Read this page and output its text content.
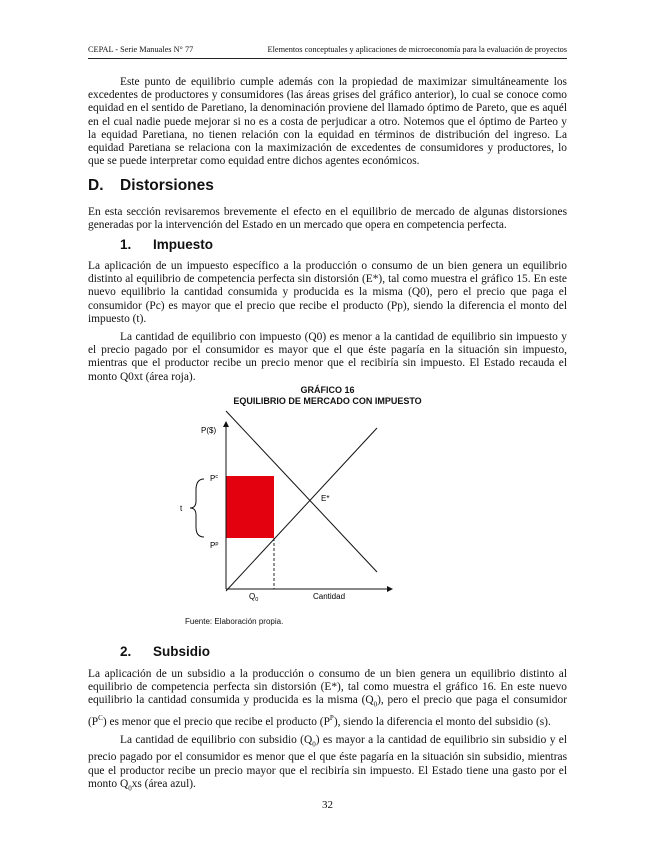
CEPAL - Serie Manuales N° 77	Elementos conceptuales y aplicaciones de microeconomía para la evaluación de proyectos

Este punto de equilibrio cumple además con la propiedad de maximizar simultáneamente los excedentes de productores y consumidores (las áreas grises del gráfico anterior), lo cual se conoce como equidad en el sentido de Paretiano, la denominación proviene del llamado óptimo de Pareto, que es aquél en el cual nadie puede mejorar si no es a costa de perjudicar a otro. Notemos que el óptimo de Parteo y la equidad Paretiana, no tienen relación con la equidad en términos de distribución del ingreso. La equidad Paretiana se relaciona con la maximización de excedentes de consumidores y productores, lo que se puede interpretar como equidad entre dichos agentes económicos.

D. Distorsiones

En esta sección revisaremos brevemente el efecto en el equilibrio de mercado de algunas distorsiones generadas por la intervención del Estado en un mercado que opera en competencia perfecta.

1. Impuesto

La aplicación de un impuesto específico a la producción o consumo de un bien genera un equilibrio distinto al equilibrio de competencia perfecta sin distorsión (E*), tal como muestra el gráfico 15. En este nuevo equilibrio la cantidad consumida y producida es la misma (Q0), pero el precio que paga el consumidor (Pc) es mayor que el precio que recibe el producto (Pp), siendo la diferencia el monto del impuesto (t).

La cantidad de equilibrio con impuesto (Q0) es menor a la cantidad de equilibrio sin impuesto y el precio pagado por el consumidor es mayor que el que éste pagaría en la situación sin impuesto, mientras que el productor recibe un precio menor que el recibiría sin impuesto. El Estado recauda el monto Q0xt (área roja).

GRÁFICO 16
EQUILIBRIO DE MERCADO CON IMPUESTO
P($)
Cantidad
$P^c$
$P^p$
t
E*
$Q_0$
Fuente: Elaboración propia.
2. Subsidio

La aplicación de un subsidio a la producción o consumo de un bien genera un equilibrio distinto al equilibrio de competencia perfecta sin distorsión (E*), tal como muestra el gráfico 16. En este nuevo equilibrio la cantidad consumida y producida es la misma $(Q_0)$, pero el precio que paga el consumidor $(P^C)$ es menor que el precio que recibe el producto $(P^P)$, siendo la diferencia el monto del subsidio (s).

La cantidad de equilibrio con subsidio $(Q_0)$ es mayor a la cantidad de equilibrio sin subsidio y el precio pagado por el consumidor es menor que el que éste pagaría en la situación sin subsidio, mientras que el productor recibe un precio mayor que el recibiría sin impuesto. El Estado tiene una gasto por el monto $Q_0xs$ (área azul).

32
